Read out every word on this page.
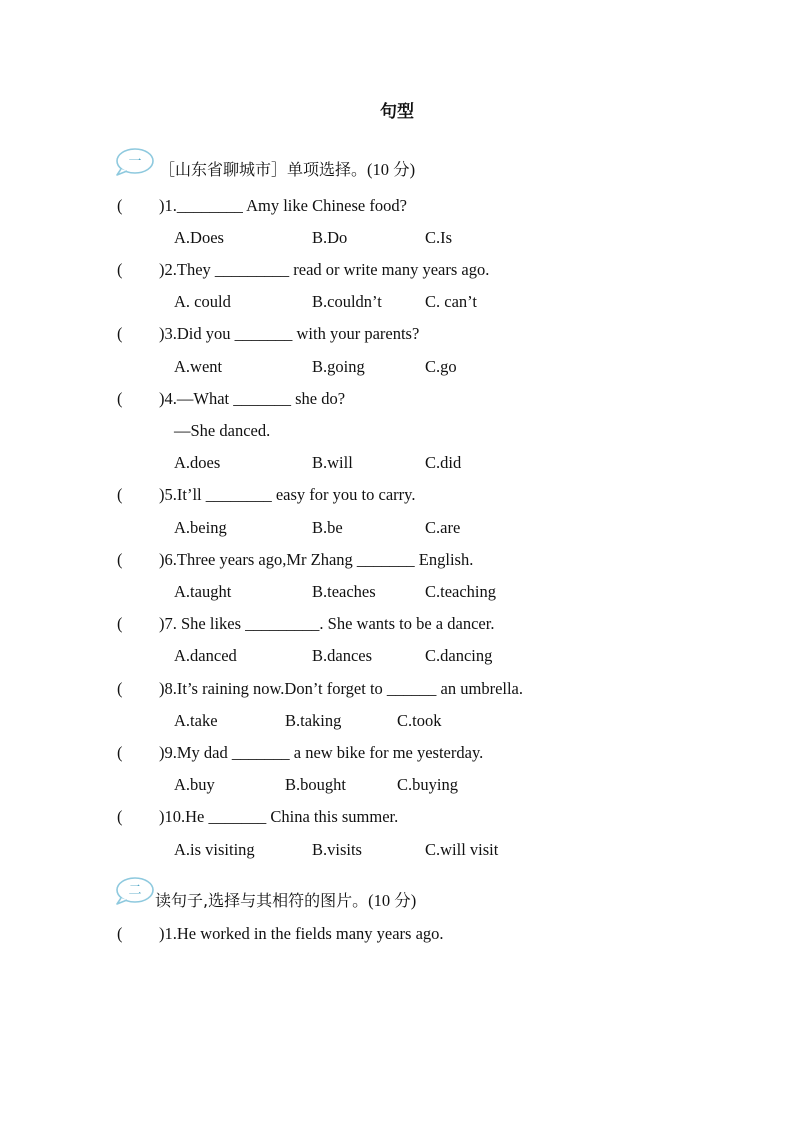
句型
一 ［山东省聊城市］单项选择。(10 分)
( )1.________ Amy like Chinese food?
A.Does	B.Do	C.Is
( )2.They _________ read or write many years ago.
A. could	B.couldn’t	C. can’t
( )3.Did you _______ with your parents?
A.went	B.going	C.go
( )4.—What _______ she do?
—She danced.
A.does	B.will	C.did
( )5.It’ll ________ easy for you to carry.
A.being	B.be	C.are
( )6.Three years ago,Mr Zhang _______ English.
A.taught	B.teaches	C.teaching
( )7. She likes _________. She wants to be a dancer.
A.danced	B.dances	C.dancing
( )8.It’s raining now.Don’t forget to ______ an umbrella.
A.take	B.taking	C.took
( )9.My dad _______ a new bike for me yesterday.
A.buy	B.bought	C.buying
( )10.He _______ China this summer.
A.is visiting	B.visits	C.will visit
二
读句子,选择与其相符的图片。(10 分)
( )1.He worked in the fields many years ago.
